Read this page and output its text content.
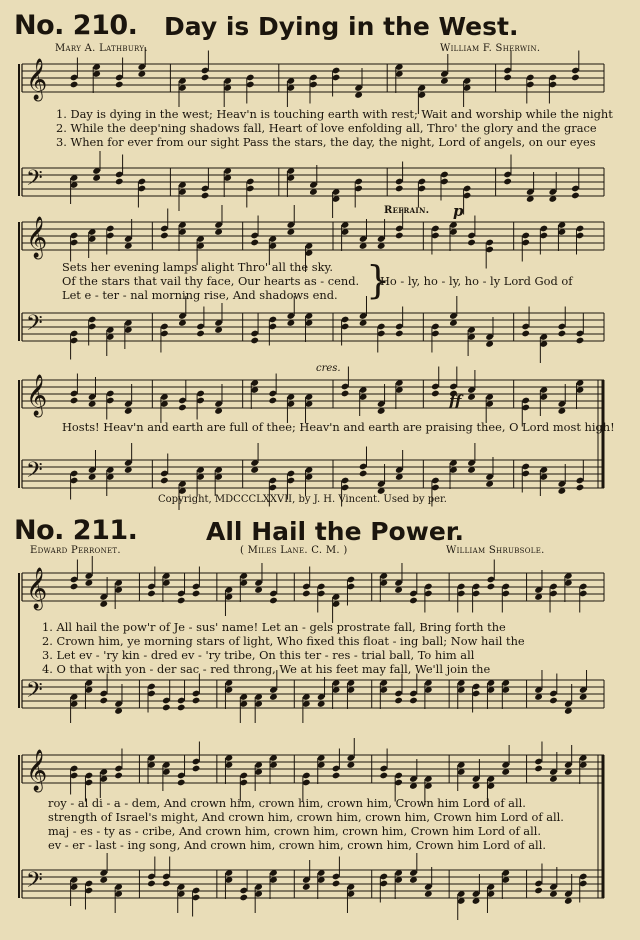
𝄞
𝄢
𝄞
𝄢
𝄞
𝄢
𝄞
𝄢
𝄞
𝄢
No. 210. Day is Dying in the West.
Mary A. Lathbury.	William F. Sherwin.
1. Day is dying in the west; Heav'n is touching earth with rest; Wait and worship while the night
2. While the deep'ning shadows fall, Heart of love enfolding all, Thro' the glory and the grace
3. When for ever from our sight Pass the stars, the day, the night, Lord of angels, on our eyes
Sets her evening lamps alight Thro' all the sky.
Of the stars that vail thy face, Our hearts as - cend.
Let e - ter - nal morning rise, And shadows end. }
Refrain. p
Ho - ly, ho - ly, ho - ly Lord God of
cres.
ff
Hosts! Heav'n and earth are full of thee; Heav'n and earth are praising thee, O Lord most high!
Copyright, MDCCCLXXVII, by J. H. Vincent. Used by per.
No. 211.	All Hail the Power.
Edward Perronet.	( Miles Lane. C. M. )	William Shrubsole.
1. All hail the pow'r of Je - sus' name! Let an - gels prostrate fall, Bring forth the
2. Crown him, ye morning stars of light, Who fixed this float - ing ball; Now hail the
3. Let ev - 'ry kin - dred ev - 'ry tribe, On this ter - res - trial ball, To him all
4. O that with yon - der sac - red throng, We at his feet may fall, We'll join the
roy - al di - a - dem, And crown him, crown him, crown him, Crown him Lord of all.
strength of Israel's might, And crown him, crown him, crown him, Crown him Lord of all.
maj - es - ty as - cribe, And crown him, crown him, crown him, Crown him Lord of all.
ev - er - last - ing song, And crown him, crown him, crown him, Crown him Lord of all.
